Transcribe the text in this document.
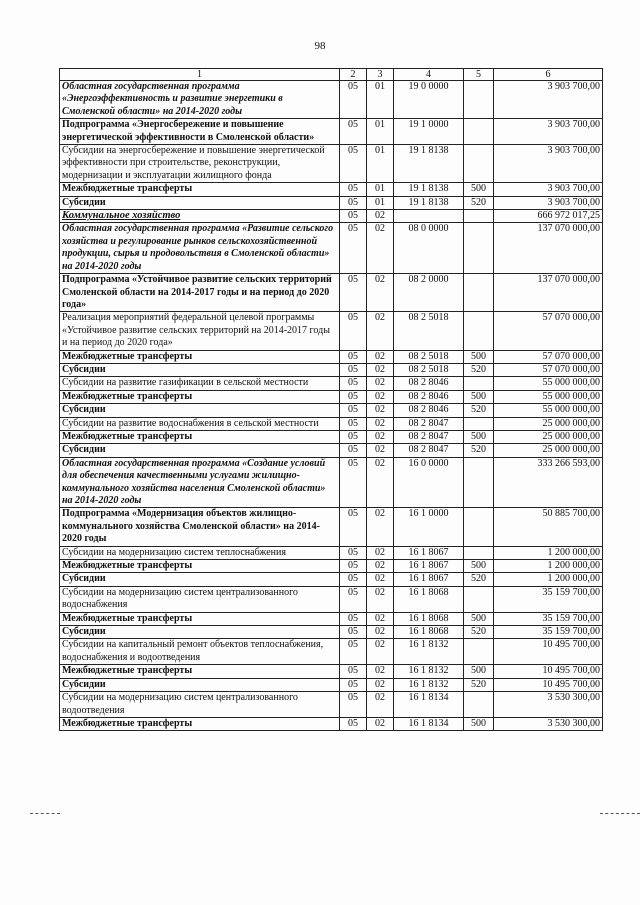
98
1	2	3	4	5	6
Областная государственная программа «Энергоэффективность и развитие энергетики в Смоленской области» на 2014-2020 годы	05	01	19 0 0000		3 903 700,00
Подпрограмма «Энергосбережение и повышение энергетической эффективности в Смоленской области»	05	01	19 1 0000		3 903 700,00
Субсидии на энергосбережение и повышение энергетической эффективности при строительстве, реконструкции, модернизации и эксплуатации жилищного фонда	05	01	19 1 8138		3 903 700,00
Межбюджетные трансферты	05	01	19 1 8138	500	3 903 700,00
Субсидии	05	01	19 1 8138	520	3 903 700,00
Коммунальное хозяйство	05	02			666 972 017,25
Областная государственная программа «Развитие сельского хозяйства и регулирование рынков сельскохозяйственной продукции, сырья и продовольствия в Смоленской области» на 2014-2020 годы	05	02	08 0 0000		137 070 000,00
Подпрограмма «Устойчивое развитие сельских территорий Смоленской области на 2014-2017 годы и на период до 2020 года»	05	02	08 2 0000		137 070 000,00
Реализация мероприятий федеральной целевой программы «Устойчивое развитие сельских территорий на 2014-2017 годы и на период до 2020 года»	05	02	08 2 5018		57 070 000,00
Межбюджетные трансферты	05	02	08 2 5018	500	57 070 000,00
Субсидии	05	02	08 2 5018	520	57 070 000,00
Субсидии на развитие газификации в сельской местности	05	02	08 2 8046		55 000 000,00
Межбюджетные трансферты	05	02	08 2 8046	500	55 000 000,00
Субсидии	05	02	08 2 8046	520	55 000 000,00
Субсидии на развитие водоснабжения в сельской местности	05	02	08 2 8047		25 000 000,00
Межбюджетные трансферты	05	02	08 2 8047	500	25 000 000,00
Субсидии	05	02	08 2 8047	520	25 000 000,00
Областная государственная программа «Создание условий для обеспечения качественными услугами жилищно-коммунального хозяйства населения Смоленской области» на 2014-2020 годы	05	02	16 0 0000		333 266 593,00
Подпрограмма «Модернизация объектов жилищно-коммунального хозяйства Смоленской области» на 2014-2020 годы	05	02	16 1 0000		50 885 700,00
Субсидии на модернизацию систем теплоснабжения	05	02	16 1 8067		1 200 000,00
Межбюджетные трансферты	05	02	16 1 8067	500	1 200 000,00
Субсидии	05	02	16 1 8067	520	1 200 000,00
Субсидии на модернизацию систем централизованного водоснабжения	05	02	16 1 8068		35 159 700,00
Межбюджетные трансферты	05	02	16 1 8068	500	35 159 700,00
Субсидии	05	02	16 1 8068	520	35 159 700,00
Субсидии на капитальный ремонт объектов теплоснабжения, водоснабжения и водоотведения	05	02	16 1 8132		10 495 700,00
Межбюджетные трансферты	05	02	16 1 8132	500	10 495 700,00
Субсидии	05	02	16 1 8132	520	10 495 700,00
Субсидии на модернизацию систем централизованного водоотведения	05	02	16 1 8134		3 530 300,00
Межбюджетные трансферты	05	02	16 1 8134	500	3 530 300,00
